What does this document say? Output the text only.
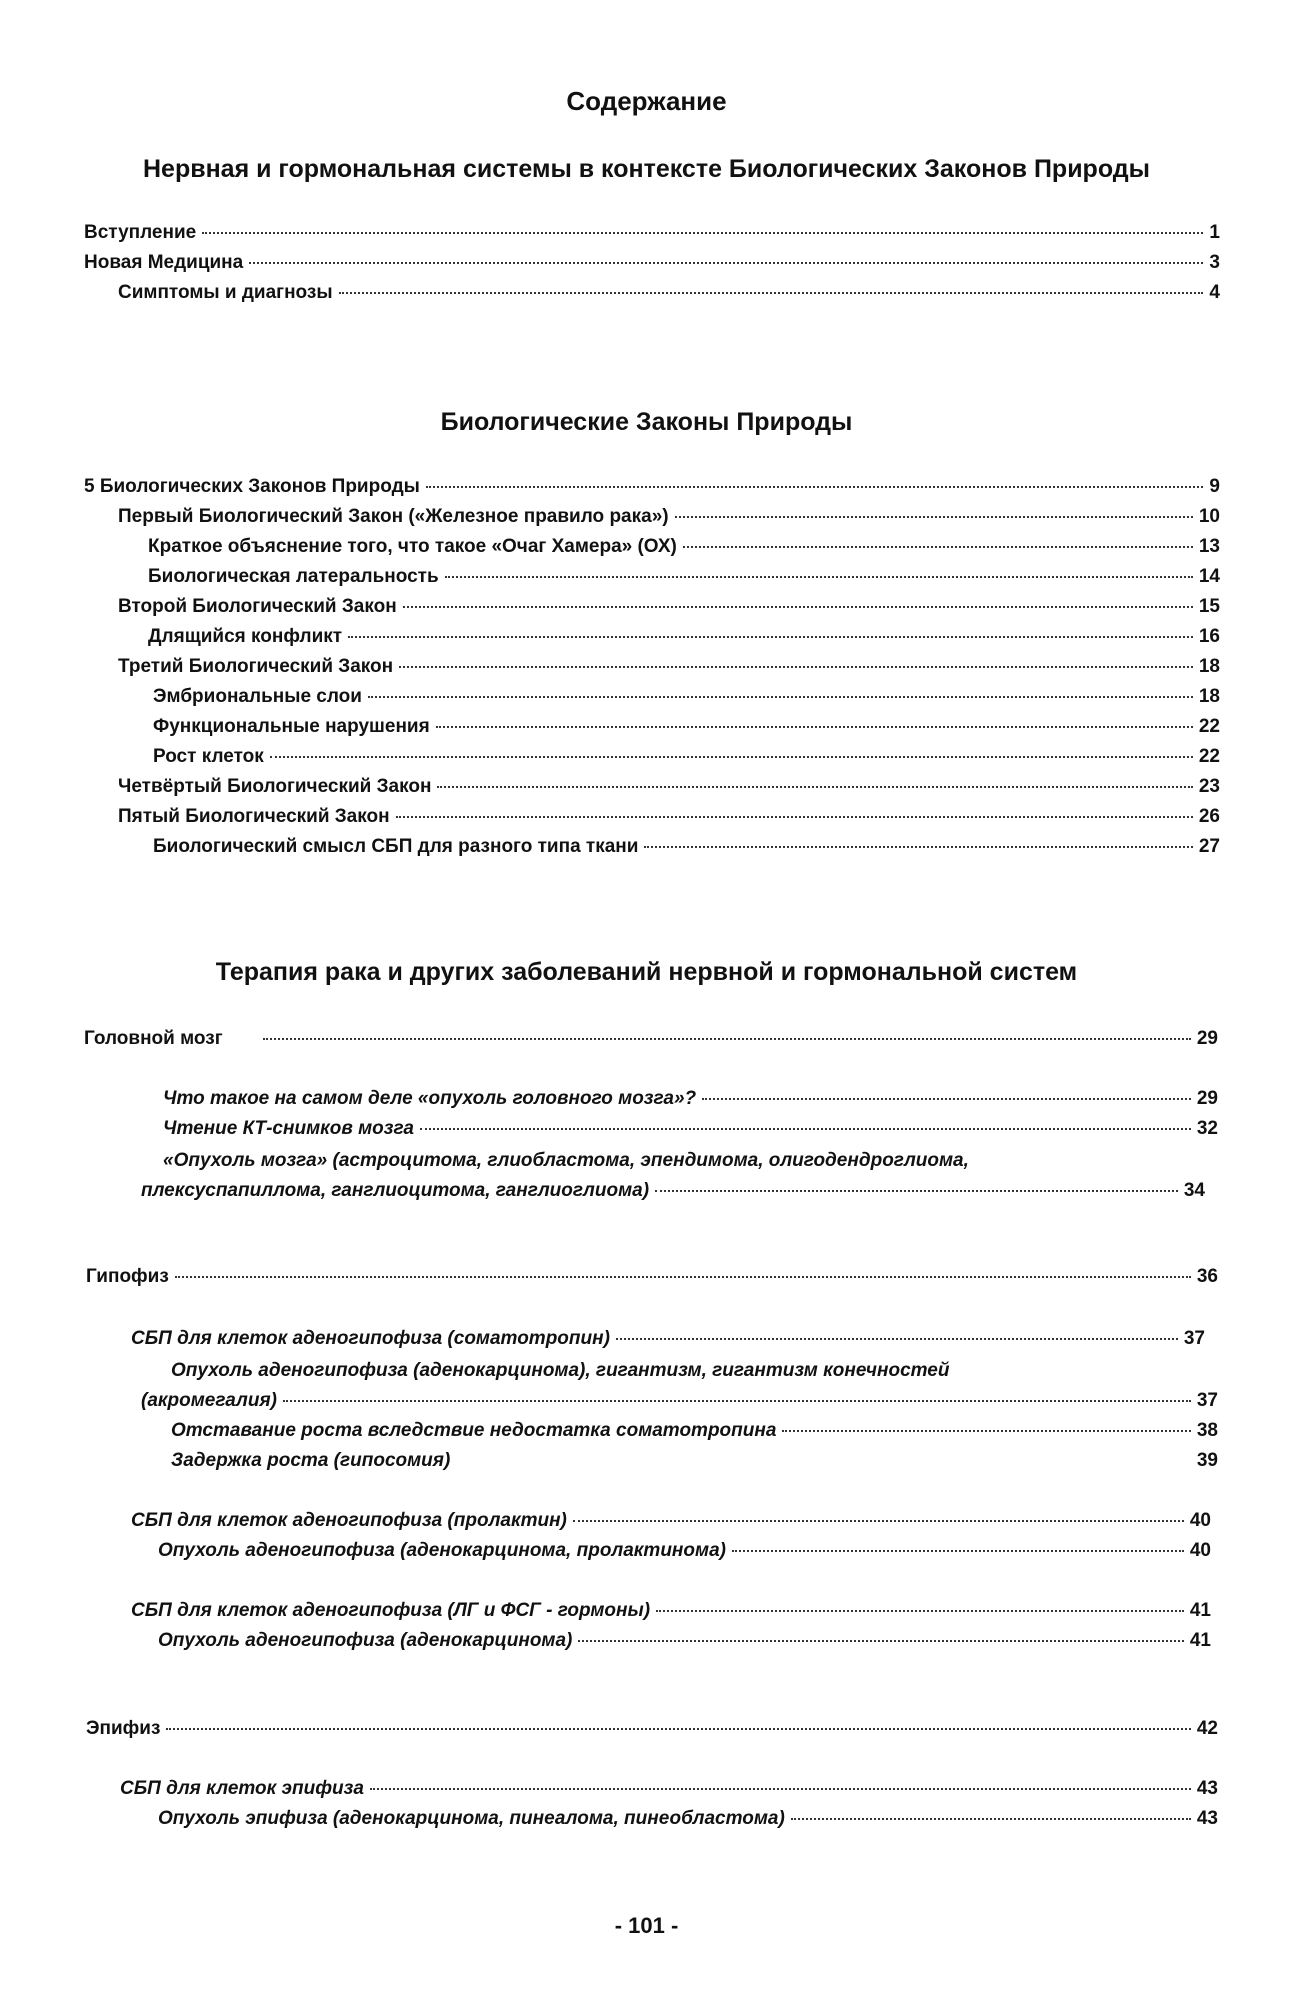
Содержание
Нервная и гормональная системы в контексте Биологических Законов Природы
Вступление	1
Новая Медицина	3
Симптомы и диагнозы	4
Биологические Законы Природы
5 Биологических Законов Природы	9
Первый Биологический Закон («Железное правило рака»)	10
Краткое объяснение того, что такое «Очаг Хамера» (ОХ)	13
Биологическая латеральность	14
Второй Биологический Закон	15
Длящийся конфликт	16
Третий Биологический Закон	18
Эмбриональные слои	18
Функциональные нарушения	22
Рост клеток	22
Четвёртый Биологический Закон	23
Пятый Биологический Закон	26
Биологический смысл СБП для разного типа ткани	27
Терапия рака и других заболеваний нервной и гормональной систем
Головной мозг	29
Что такое на самом деле «опухоль головного мозга»?	29
Чтение КТ-снимков мозга	32
«Опухоль мозга» (астроцитома, глиобластома, эпендимома, олигодендроглиома,
плексуспапиллома, ганглиоцитома, ганглиоглиома)	34
Гипофиз	36
СБП для клеток аденогипофиза (соматотропин)	37
Опухоль аденогипофиза (аденокарцинома), гигантизм, гигантизм конечностей
(акромегалия)	37
Отставание роста вследствие недостатка соматотропина	38
Задержка роста (гипосомия)	39
СБП для клеток аденогипофиза (пролактин)	40
Опухоль аденогипофиза (аденокарцинома, пролактинома)	40
СБП для клеток аденогипофиза (ЛГ и ФСГ - гормоны)	41
Опухоль аденогипофиза (аденокарцинома)	41
Эпифиз	42
СБП для клеток эпифиза	43
Опухоль эпифиза (аденокарцинома, пинеалома, пинеобластома)	43
- 101 -
